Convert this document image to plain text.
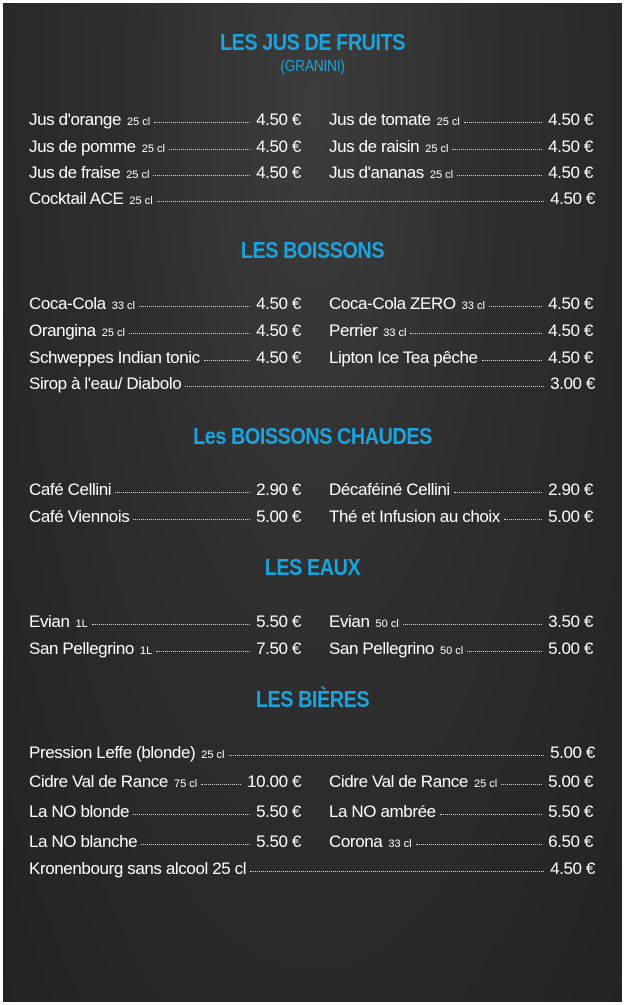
LES JUS DE FRUITS
(GRANINI)
Jus d'orange 25 cl	4.50 € Jus de tomate 25 cl	4.50 €
Jus de pomme 25 cl	4.50 € Jus de raisin 25 cl	4.50 €
Jus de fraise 25 cl	4.50 € Jus d'ananas 25 cl	4.50 €
Cocktail ACE 25 cl	4.50 €
LES BOISSONS
Coca-Cola 33 cl	4.50 € Coca-Cola ZERO 33 cl	4.50 €
Orangina 25 cl	4.50 € Perrier 33 cl	4.50 €
Schweppes Indian tonic	4.50 € Lipton Ice Tea pêche	4.50 €
Sirop à l'eau/ Diabolo	3.00 €
Les BOISSONS CHAUDES
Café Cellini	2.90 € Décaféiné Cellini	2.90 €
Café Viennois	5.00 € Thé et Infusion au choix	5.00 €
LES EAUX
Evian 1L	5.50 € Evian 50 cl	3.50 €
San Pellegrino 1L	7.50 € San Pellegrino 50 cl	5.00 €
LES BIÈRES
Pression Leffe (blonde) 25 cl	5.00 €
Cidre Val de Rance 75 cl	10.00 € Cidre Val de Rance 25 cl	5.00 €
La NO blonde	5.50 € La NO ambrée	5.50 €
La NO blanche	5.50 € Corona 33 cl	6.50 €
Kronenbourg sans alcool 25 cl	4.50 €
